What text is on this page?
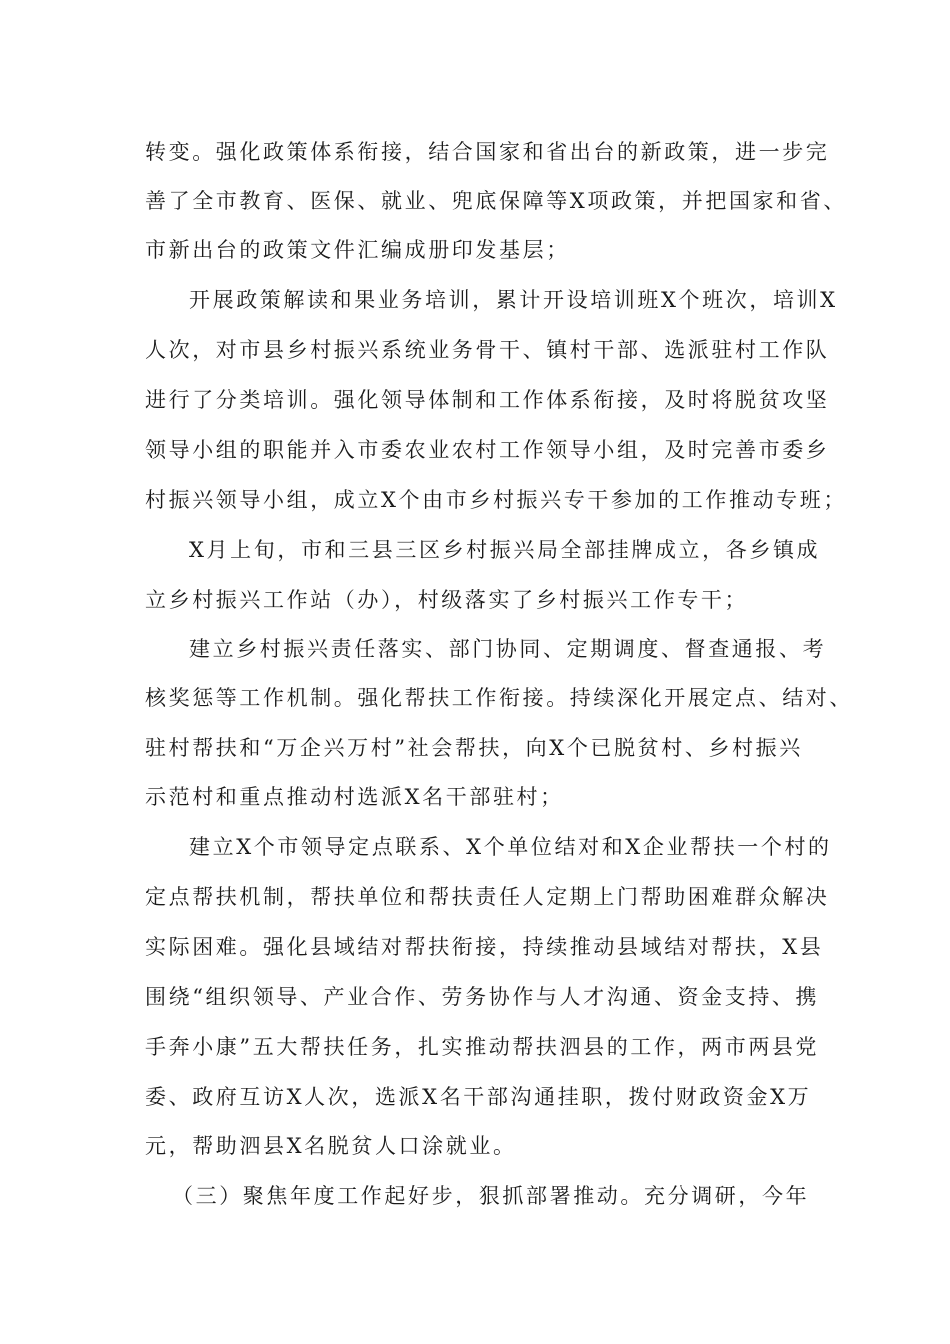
转变。强化政策体系衔接，结合国家和省出台的新政策，进一步完
善了全市教育、医保、就业、兜底保障等X项政策，并把国家和省、
市新出台的政策文件汇编成册印发基层；
开展政策解读和果业务培训，累计开设培训班X个班次，培训X
人次，对市县乡村振兴系统业务骨干、镇村干部、选派驻村工作队
进行了分类培训。强化领导体制和工作体系衔接，及时将脱贫攻坚
领导小组的职能并入市委农业农村工作领导小组，及时完善市委乡
村振兴领导小组，成立X个由市乡村振兴专干参加的工作推动专班；
X月上旬，市和三县三区乡村振兴局全部挂牌成立，各乡镇成
立乡村振兴工作站（办），村级落实了乡村振兴工作专干；
建立乡村振兴责任落实、部门协同、定期调度、督查通报、考
核奖惩等工作机制。强化帮扶工作衔接。持续深化开展定点、结对、
驻村帮扶和“万企兴万村”社会帮扶，向X个已脱贫村、乡村振兴
示范村和重点推动村选派X名干部驻村；
建立X个市领导定点联系、X个单位结对和X企业帮扶一个村的
定点帮扶机制，帮扶单位和帮扶责任人定期上门帮助困难群众解决
实际困难。强化县域结对帮扶衔接，持续推动县域结对帮扶，X县
围绕“组织领导、产业合作、劳务协作与人才沟通、资金支持、携
手奔小康”五大帮扶任务，扎实推动帮扶泗县的工作，两市两县党
委、政府互访X人次，选派X名干部沟通挂职，拨付财政资金X万
元，帮助泗县X名脱贫人口涂就业。
（三）聚焦年度工作起好步，狠抓部署推动。充分调研，今年
